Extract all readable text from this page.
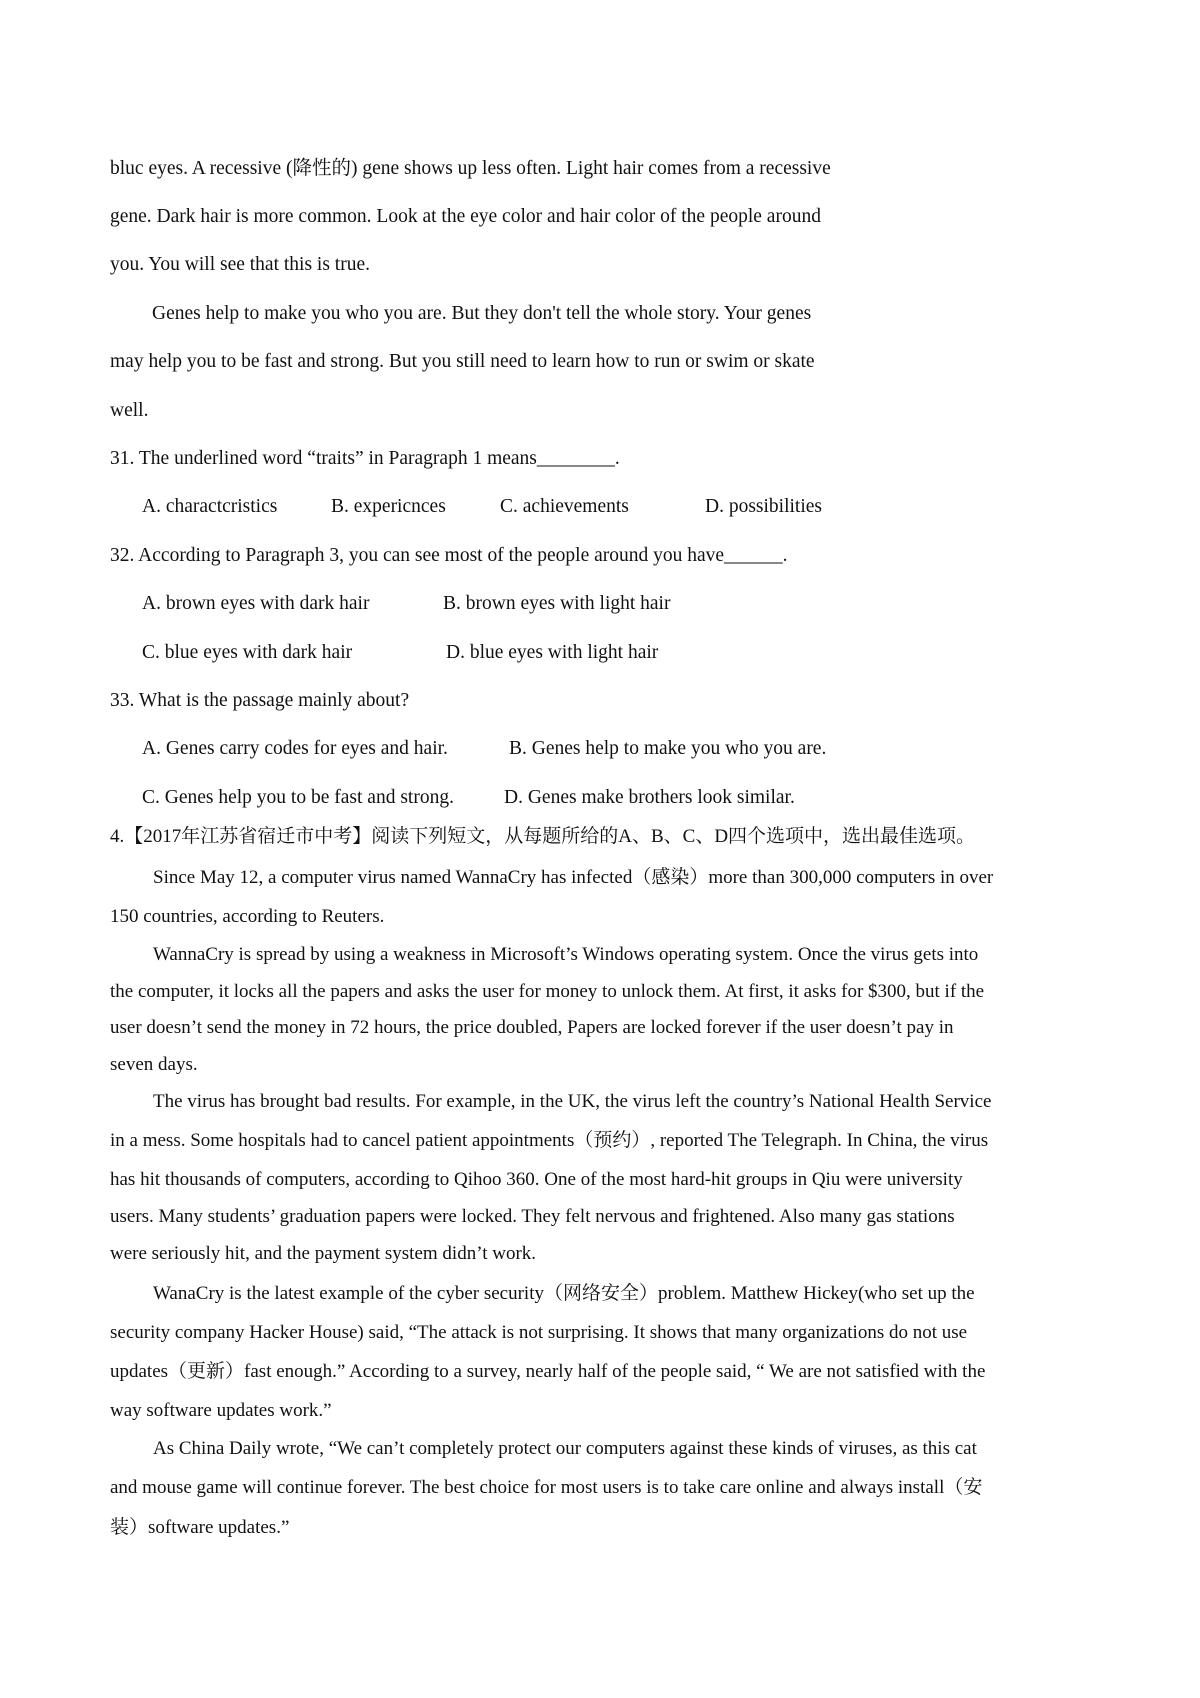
bluc eyes. A recessive (降性的) gene shows up less often. Light hair comes from a recessive
gene. Dark hair is more common. Look at the eye color and hair color of the people around
you. You will see that this is true.
Genes help to make you who you are. But they don't tell the whole story. Your genes
may help you to be fast and strong. But you still need to learn how to run or swim or skate
well.
31. The underlined word “traits” in Paragraph 1 means________.
A. charactcristics	B. expericnces	C. achievements	D. possibilities
32. According to Paragraph 3, you can see most of the people around you have______.
A. brown eyes with dark hair	B. brown eyes with light hair
C. blue eyes with dark hair	D. blue eyes with light hair
33. What is the passage mainly about?
A. Genes carry codes for eyes and hair.	B. Genes help to make you who you are.
C. Genes help you to be fast and strong.	D. Genes make brothers look similar.
4.【2017年江苏省宿迁市中考】阅读下列短文，从每题所给的A、B、C、D四个选项中，选出最佳选项。
Since May 12, a computer virus named WannaCry has infected（感染）more than 300,000 computers in over
150 countries, according to Reuters.
WannaCry is spread by using a weakness in Microsoft’s Windows operating system. Once the virus gets into
the computer, it locks all the papers and asks the user for money to unlock them. At first, it asks for $300, but if the
user doesn’t send the money in 72 hours, the price doubled, Papers are locked forever if the user doesn’t pay in
seven days.
The virus has brought bad results. For example, in the UK, the virus left the country’s National Health Service
in a mess. Some hospitals had to cancel patient appointments（预约）, reported The Telegraph. In China, the virus
has hit thousands of computers, according to Qihoo 360. One of the most hard-hit groups in Qiu were university
users. Many students’ graduation papers were locked. They felt nervous and frightened. Also many gas stations
were seriously hit, and the payment system didn’t work.
WanaCry is the latest example of the cyber security（网络安全）problem. Matthew Hickey(who set up the
security company Hacker House) said, “The attack is not surprising. It shows that many organizations do not use
updates（更新）fast enough.” According to a survey, nearly half of the people said, “ We are not satisfied with the
way software updates work.”
As China Daily wrote, “We can’t completely protect our computers against these kinds of viruses, as this cat
and mouse game will continue forever. The best choice for most users is to take care online and always install（安
装）software updates.”
